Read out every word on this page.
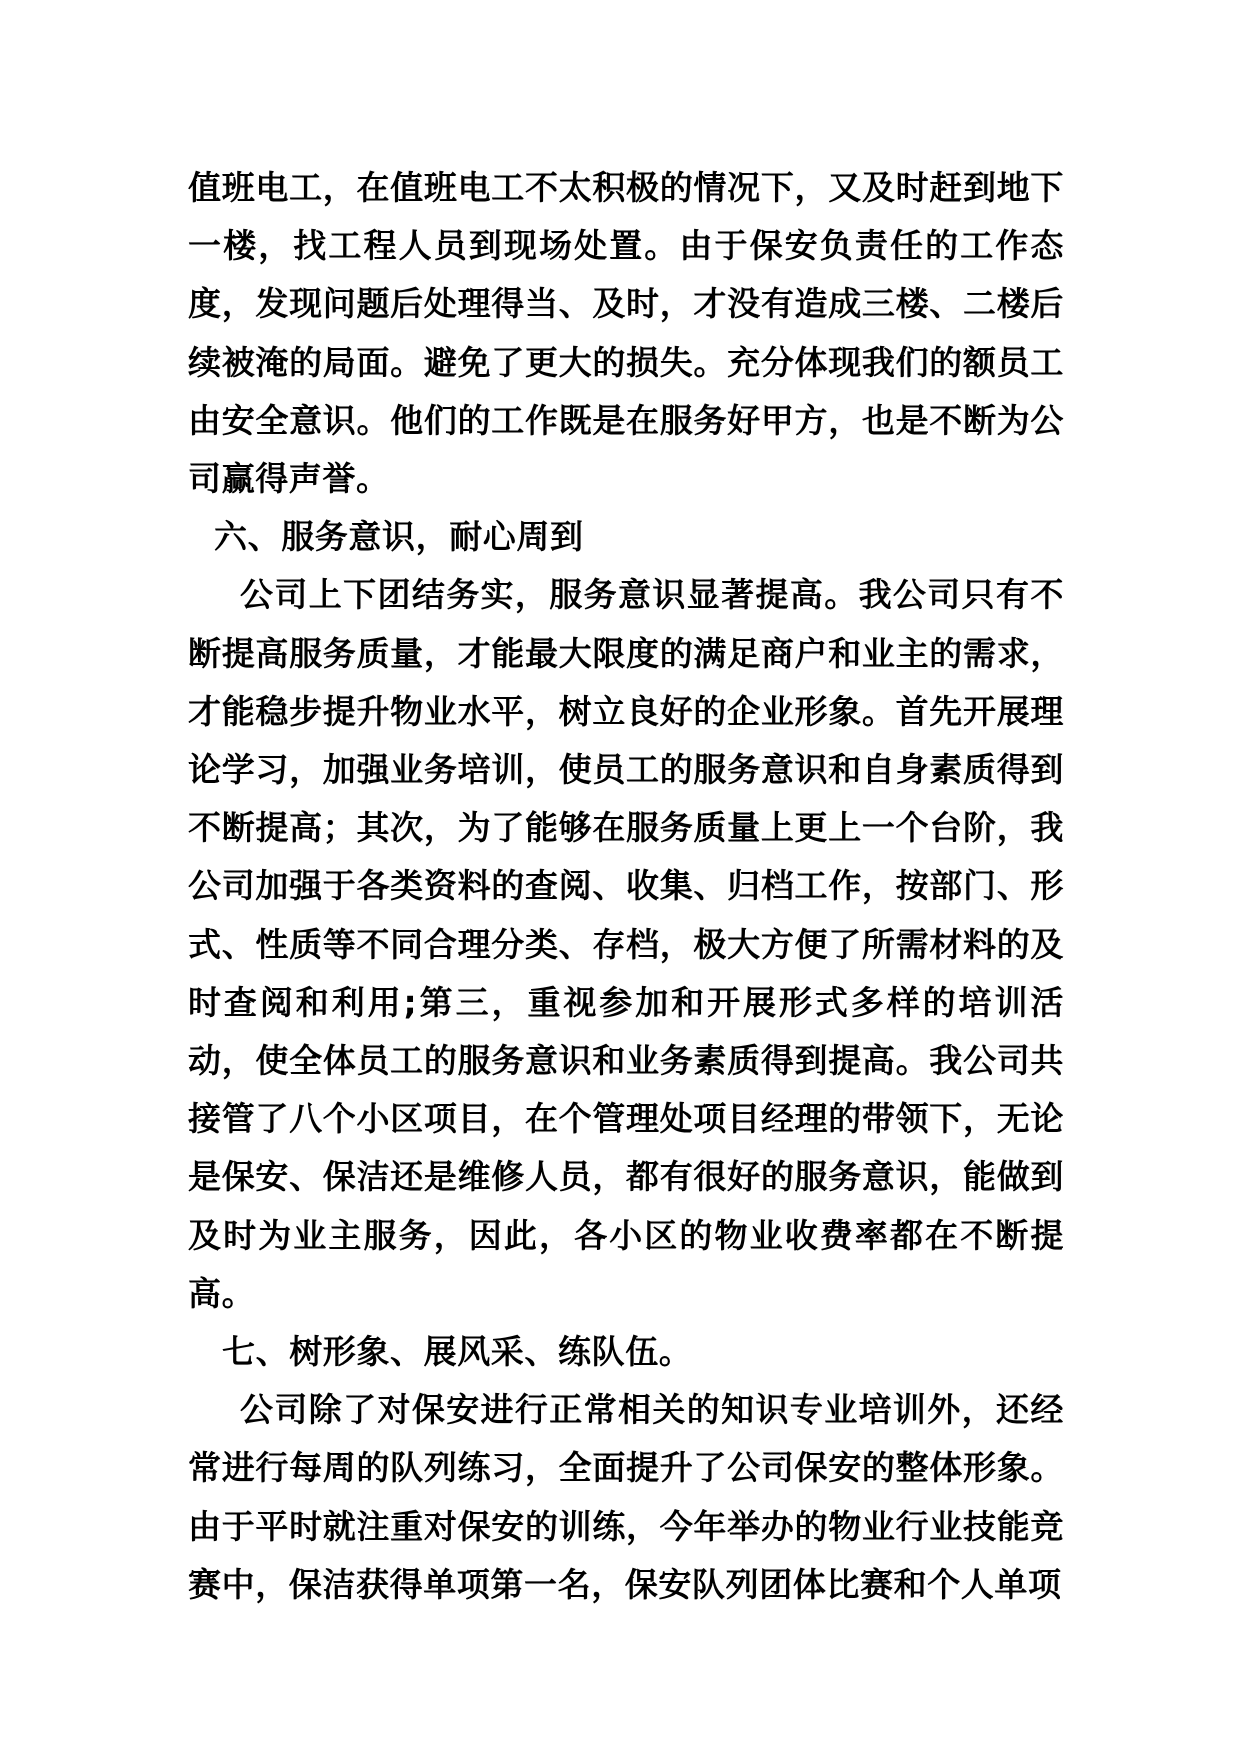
值班电工，在值班电工不太积极的情况下，又及时赶到地下一楼，找工程人员到现场处置。由于保安负责任的工作态度，发现问题后处理得当、及时，才没有造成三楼、二楼后续被淹的局面。避免了更大的损失。充分体现我们的额员工由安全意识。他们的工作既是在服务好甲方，也是不断为公司赢得声誉。

六、服务意识，耐心周到

公司上下团结务实，服务意识显著提高。我公司只有不断提高服务质量，才能最大限度的满足商户和业主的需求，才能稳步提升物业水平，树立良好的企业形象。首先开展理论学习，加强业务培训，使员工的服务意识和自身素质得到不断提高；其次，为了能够在服务质量上更上一个台阶，我公司加强于各类资料的查阅、收集、归档工作，按部门、形式、性质等不同合理分类、存档，极大方便了所需材料的及时查阅和利用;第三，重视参加和开展形式多样的培训活动，使全体员工的服务意识和业务素质得到提高。我公司共接管了八个小区项目，在个管理处项目经理的带领下，无论是保安、保洁还是维修人员，都有很好的服务意识，能做到及时为业主服务，因此，各小区的物业收费率都在不断提高。

七、树形象、展风采、练队伍。

公司除了对保安进行正常相关的知识专业培训外，还经常进行每周的队列练习，全面提升了公司保安的整体形象。由于平时就注重对保安的训练，今年举办的物业行业技能竞赛中，保洁获得单项第一名，保安队列团体比赛和个人单项
